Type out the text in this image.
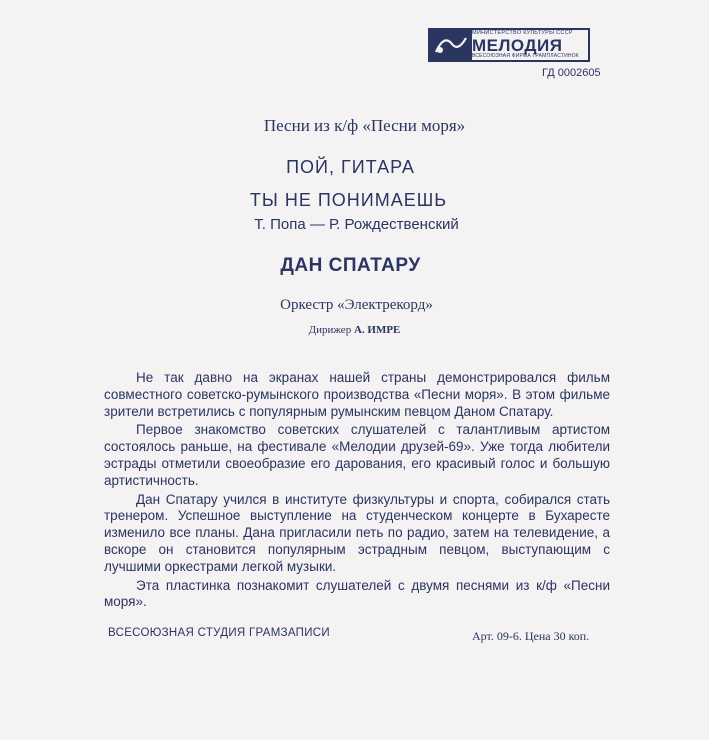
МИНИСТЕРСТВО КУЛЬТУРЫ СССР
МЕЛОДИЯ
ВСЕСОЮЗНАЯ ФИРМА ГРАМПЛАСТИНОК
ГД 0002605
Песни из к/ф «Песни моря»
ПОЙ, ГИТАРА
ТЫ НЕ ПОНИМАЕШЬ
Т. Попа — Р. Рождественский
ДАН СПАТАРУ
Оркестр «Электрекорд»
Дирижер А. ИМРЕ

Не так давно на экранах нашей страны демонстрировался фильм совместного советско-румынского производства «Песни моря». В этом фильме зрители встретились с популярным румынским певцом Даном Спатару.

Первое знакомство советских слушателей с талантливым артистом состоялось раньше, на фестивале «Мелодии друзей-69». Уже тогда любители эстрады отметили своеобразие его дарования, его красивый голос и большую артистичность.

Дан Спатару учился в институте физкультуры и спорта, собирался стать тренером. Успешное выступление на студенческом концерте в Бухаресте изменило все планы. Дана пригласили петь по радио, затем на телевидение, а вскоре он становится популярным эстрадным певцом, выступающим с лучшими оркестрами легкой музыки.

Эта пластинка познакомит слушателей с двумя песнями из к/ф «Песни моря».

ВСЕСОЮЗНАЯ СТУДИЯ ГРАМЗАПИСИ	Арт. 09-6. Цена 30 коп.
